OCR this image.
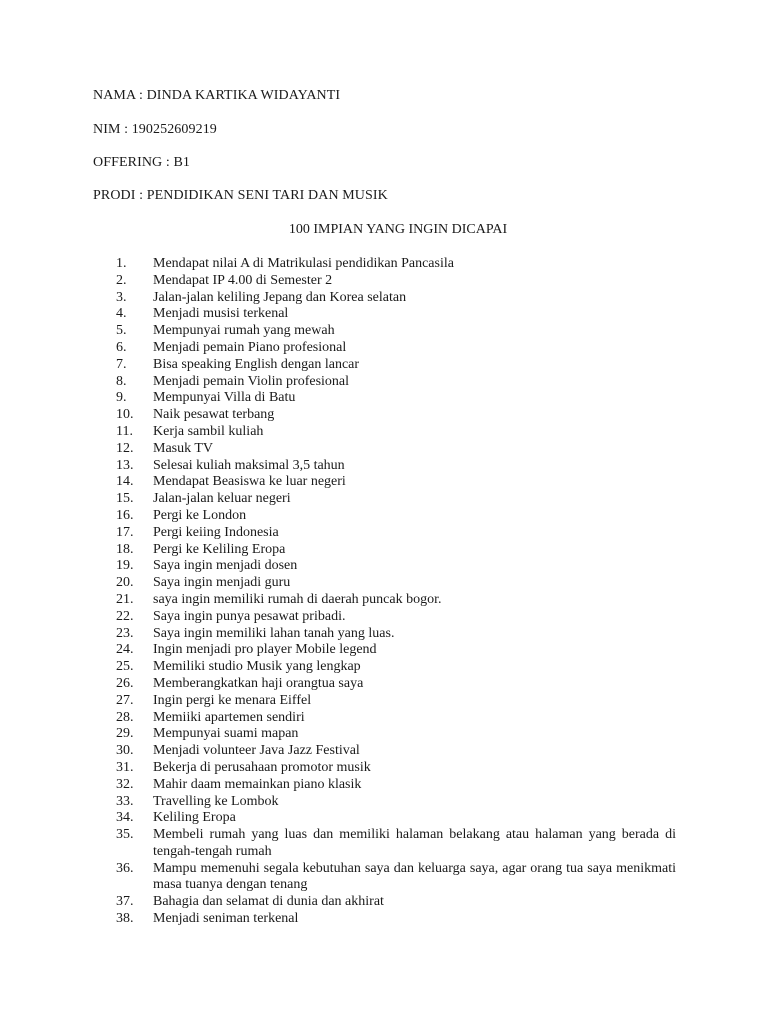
NAMA : DINDA KARTIKA WIDAYANTI
NIM : 190252609219
OFFERING : B1
PRODI : PENDIDIKAN SENI TARI DAN MUSIK
100 IMPIAN YANG INGIN DICAPAI
1.	Mendapat nilai A di Matrikulasi pendidikan Pancasila
2.	Mendapat IP 4.00 di Semester 2
3.	Jalan-jalan keliling Jepang dan Korea selatan
4.	Menjadi musisi terkenal
5.	Mempunyai rumah yang mewah
6.	Menjadi pemain Piano profesional
7.	Bisa speaking English dengan lancar
8.	Menjadi pemain Violin profesional
9.	Mempunyai Villa di Batu
10.	Naik pesawat terbang
11.	Kerja sambil kuliah
12.	Masuk TV
13.	Selesai kuliah maksimal 3,5 tahun
14.	Mendapat Beasiswa ke luar negeri
15.	Jalan-jalan keluar negeri
16.	Pergi ke London
17.	Pergi keiing Indonesia
18.	Pergi ke Keliling Eropa
19.	Saya ingin menjadi dosen
20.	Saya ingin menjadi guru
21.	saya ingin memiliki rumah di daerah puncak bogor.
22.	Saya ingin punya pesawat pribadi.
23.	Saya ingin memiliki lahan tanah yang luas.
24.	Ingin menjadi pro player Mobile legend
25.	Memiliki studio Musik yang lengkap
26.	Memberangkatkan haji orangtua saya
27.	Ingin pergi ke menara Eiffel
28.	Memiiki apartemen sendiri
29.	Mempunyai suami mapan
30.	Menjadi volunteer Java Jazz Festival
31.	Bekerja di perusahaan promotor musik
32.	Mahir daam memainkan piano klasik
33.	Travelling ke Lombok
34.	Keliling Eropa
35.	Membeli rumah yang luas dan memiliki halaman belakang atau halaman yang berada di tengah-tengah rumah
36.	Mampu memenuhi segala kebutuhan saya dan keluarga saya, agar orang tua saya menikmati masa tuanya dengan tenang
37.	Bahagia dan selamat di dunia dan akhirat
38.	Menjadi seniman terkenal
